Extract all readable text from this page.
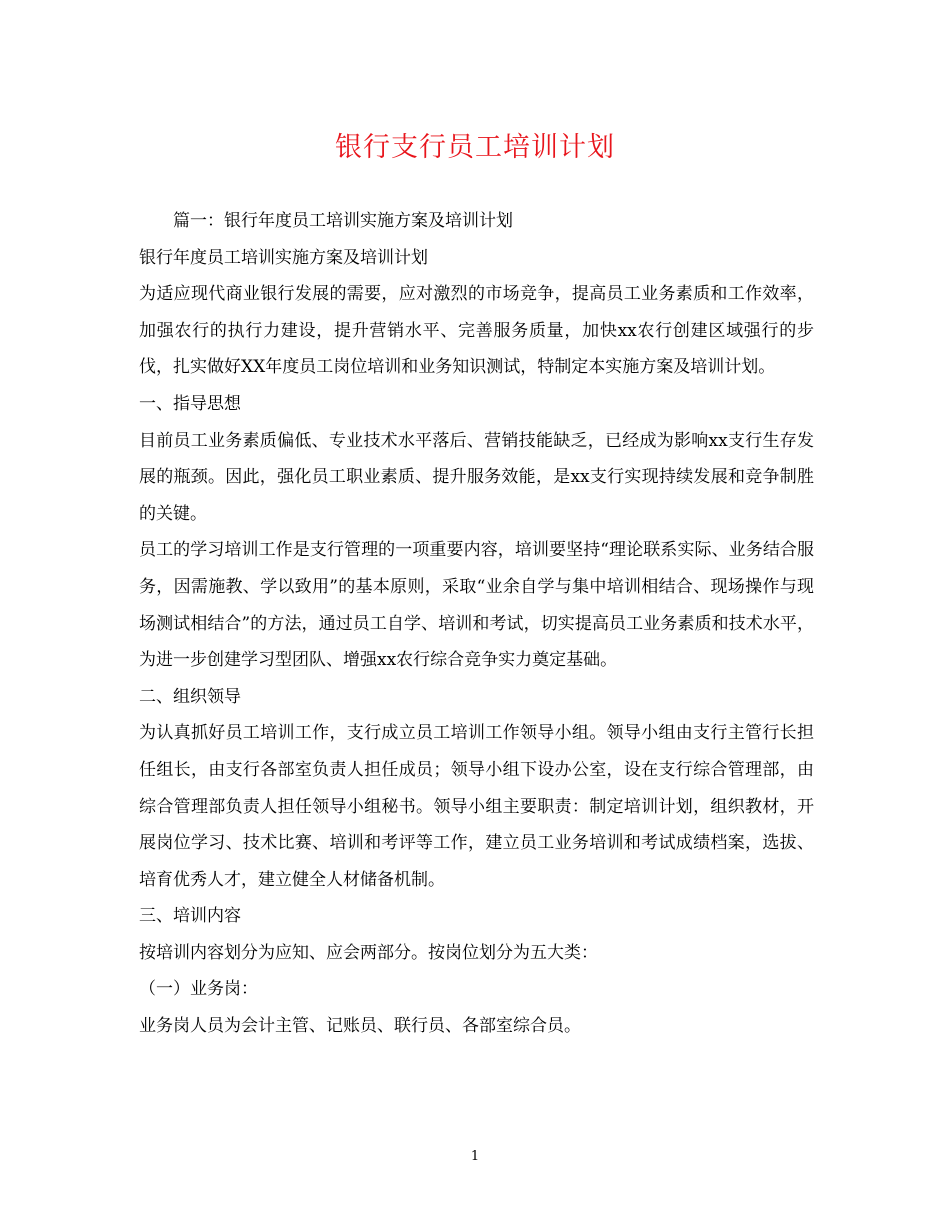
银行支行员工培训计划

篇一：银行年度员工培训实施方案及培训计划

银行年度员工培训实施方案及培训计划

为适应现代商业银行发展的需要，应对激烈的市场竞争，提高员工业务素质和工作效率，加强农行的执行力建设，提升营销水平、完善服务质量，加快xx农行创建区域强行的步伐，扎实做好XX年度员工岗位培训和业务知识测试，特制定本实施方案及培训计划。

一、指导思想

目前员工业务素质偏低、专业技术水平落后、营销技能缺乏，已经成为影响xx支行生存发展的瓶颈。因此，强化员工职业素质、提升服务效能，是xx支行实现持续发展和竞争制胜的关键。

员工的学习培训工作是支行管理的一项重要内容，培训要坚持“理论联系实际、业务结合服务，因需施教、学以致用”的基本原则，采取“业余自学与集中培训相结合、现场操作与现场测试相结合”的方法，通过员工自学、培训和考试，切实提高员工业务素质和技术水平，为进一步创建学习型团队、增强xx农行综合竞争实力奠定基础。

二、组织领导

为认真抓好员工培训工作，支行成立员工培训工作领导小组。领导小组由支行主管行长担任组长，由支行各部室负责人担任成员；领导小组下设办公室，设在支行综合管理部，由综合管理部负责人担任领导小组秘书。领导小组主要职责：制定培训计划，组织教材，开展岗位学习、技术比赛、培训和考评等工作，建立员工业务培训和考试成绩档案，选拔、培育优秀人才，建立健全人材储备机制。

三、培训内容

按培训内容划分为应知、应会两部分。按岗位划分为五大类：

（一）业务岗：

业务岗人员为会计主管、记账员、联行员、各部室综合员。

1
